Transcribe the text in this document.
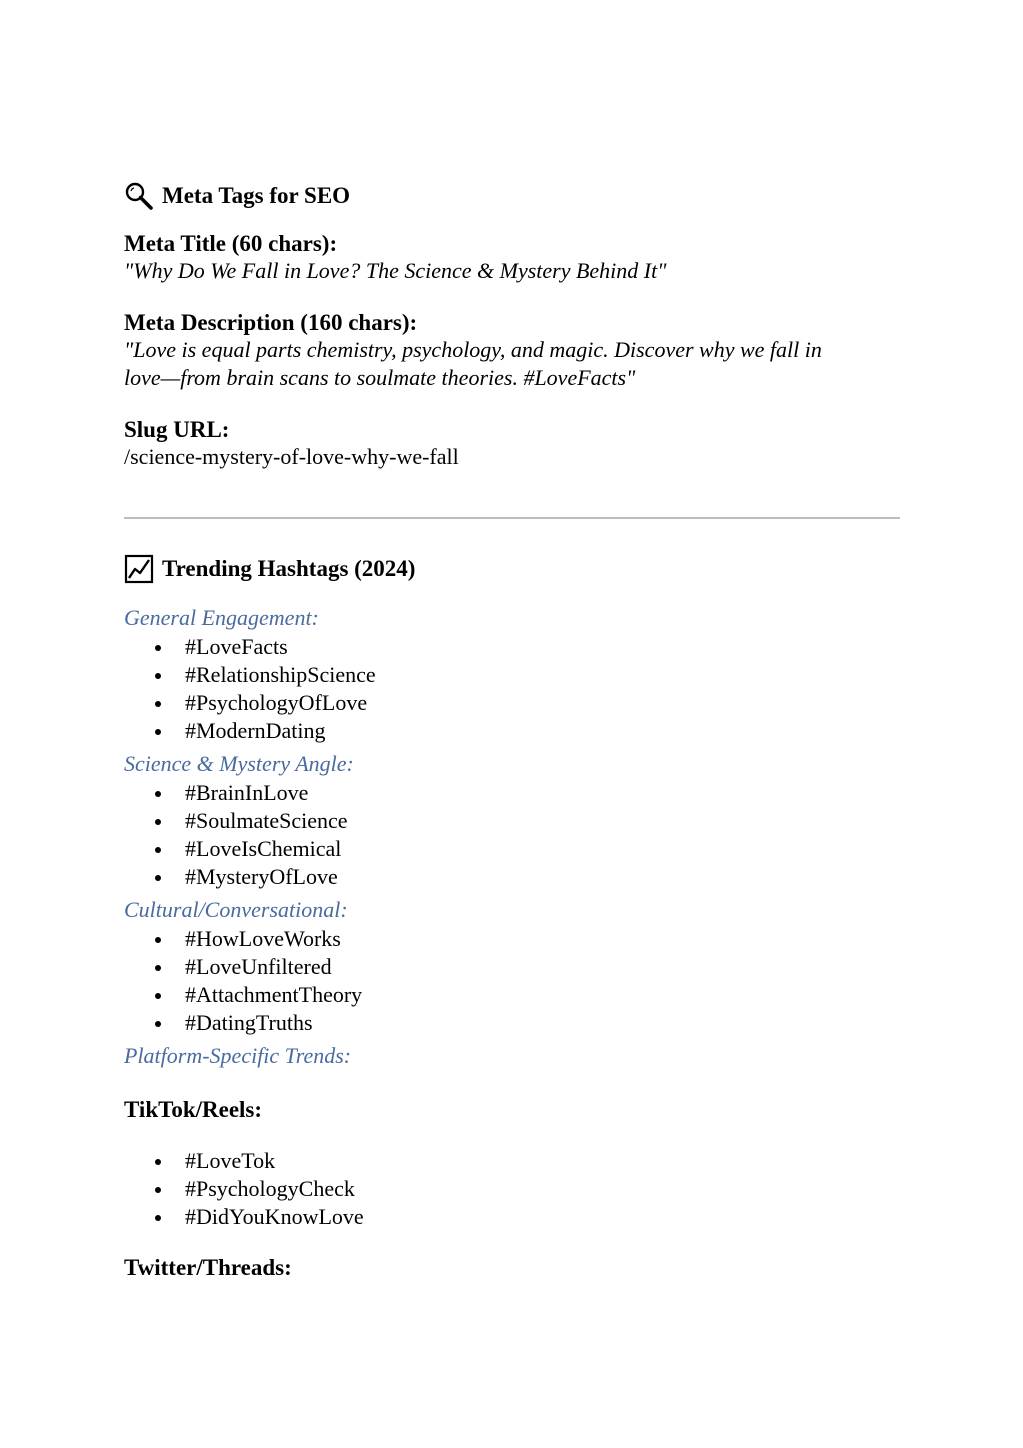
Meta Tags for SEO
Meta Title (60 chars):
"Why Do We Fall in Love? The Science & Mystery Behind It"
Meta Description (160 chars):
"Love is equal parts chemistry, psychology, and magic. Discover why we fall in
love—from brain scans to soulmate theories. #LoveFacts"
Slug URL:
/science-mystery-of-love-why-we-fall
Trending Hashtags (2024)
General Engagement:
#LoveFacts
#RelationshipScience
#PsychologyOfLove
#ModernDating
Science & Mystery Angle:
#BrainInLove
#SoulmateScience
#LoveIsChemical
#MysteryOfLove
Cultural/Conversational:
#HowLoveWorks
#LoveUnfiltered
#AttachmentTheory
#DatingTruths
Platform-Specific Trends:
TikTok/Reels:
#LoveTok
#PsychologyCheck
#DidYouKnowLove
Twitter/Threads:
